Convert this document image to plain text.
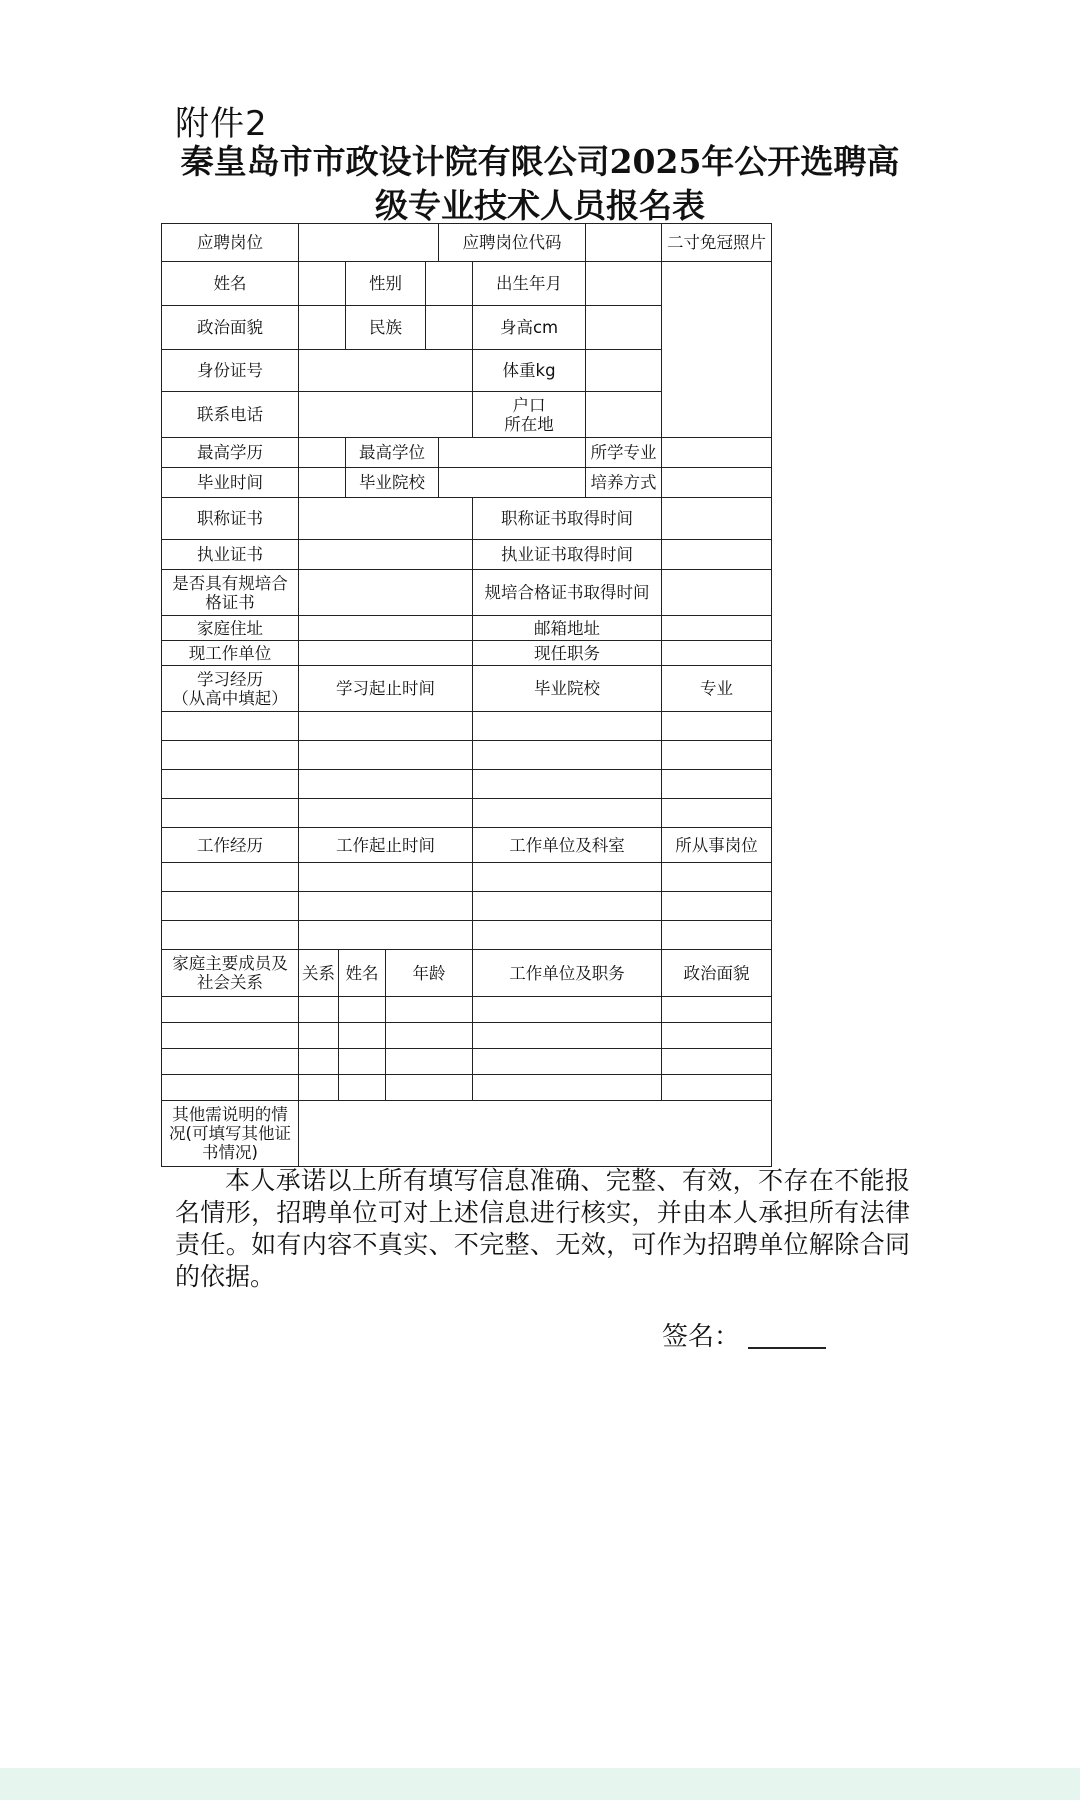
附件2
秦皇岛市市政设计院有限公司2025年公开选聘高
级专业技术人员报名表
应聘岗位						应聘岗位代码			二寸免冠照片
姓名			性别				出生年月		
政治面貌			民族				身高cm		
身份证号							体重kg		
联系电话							户口
所在地		
最高学历			最高学位					所学专业	
毕业时间			毕业院校					培养方式	
职称证书							职称证书取得时间		
执业证书							执业证书取得时间		
是否具有规培合
格证书							规培合格证书取得时间		
家庭住址							邮箱地址		
现工作单位							现任职务		
学习经历
（从高中填起）	学习起止时间						毕业院校		专业

工作经历	工作起止时间						工作单位及科室		所从事岗位

家庭主要成员及
社会关系	关系	姓名		年龄			工作单位及职务		政治面貌

其他需说明的情
况(可填写其他证
书情况)									

本人承诺以上所有填写信息准确、完整、有效，不存在不能报名情形，招聘单位可对上述信息进行核实，并由本人承担所有法律责任。如有内容不真实、不完整、无效，可作为招聘单位解除合同的依据。

签名：
